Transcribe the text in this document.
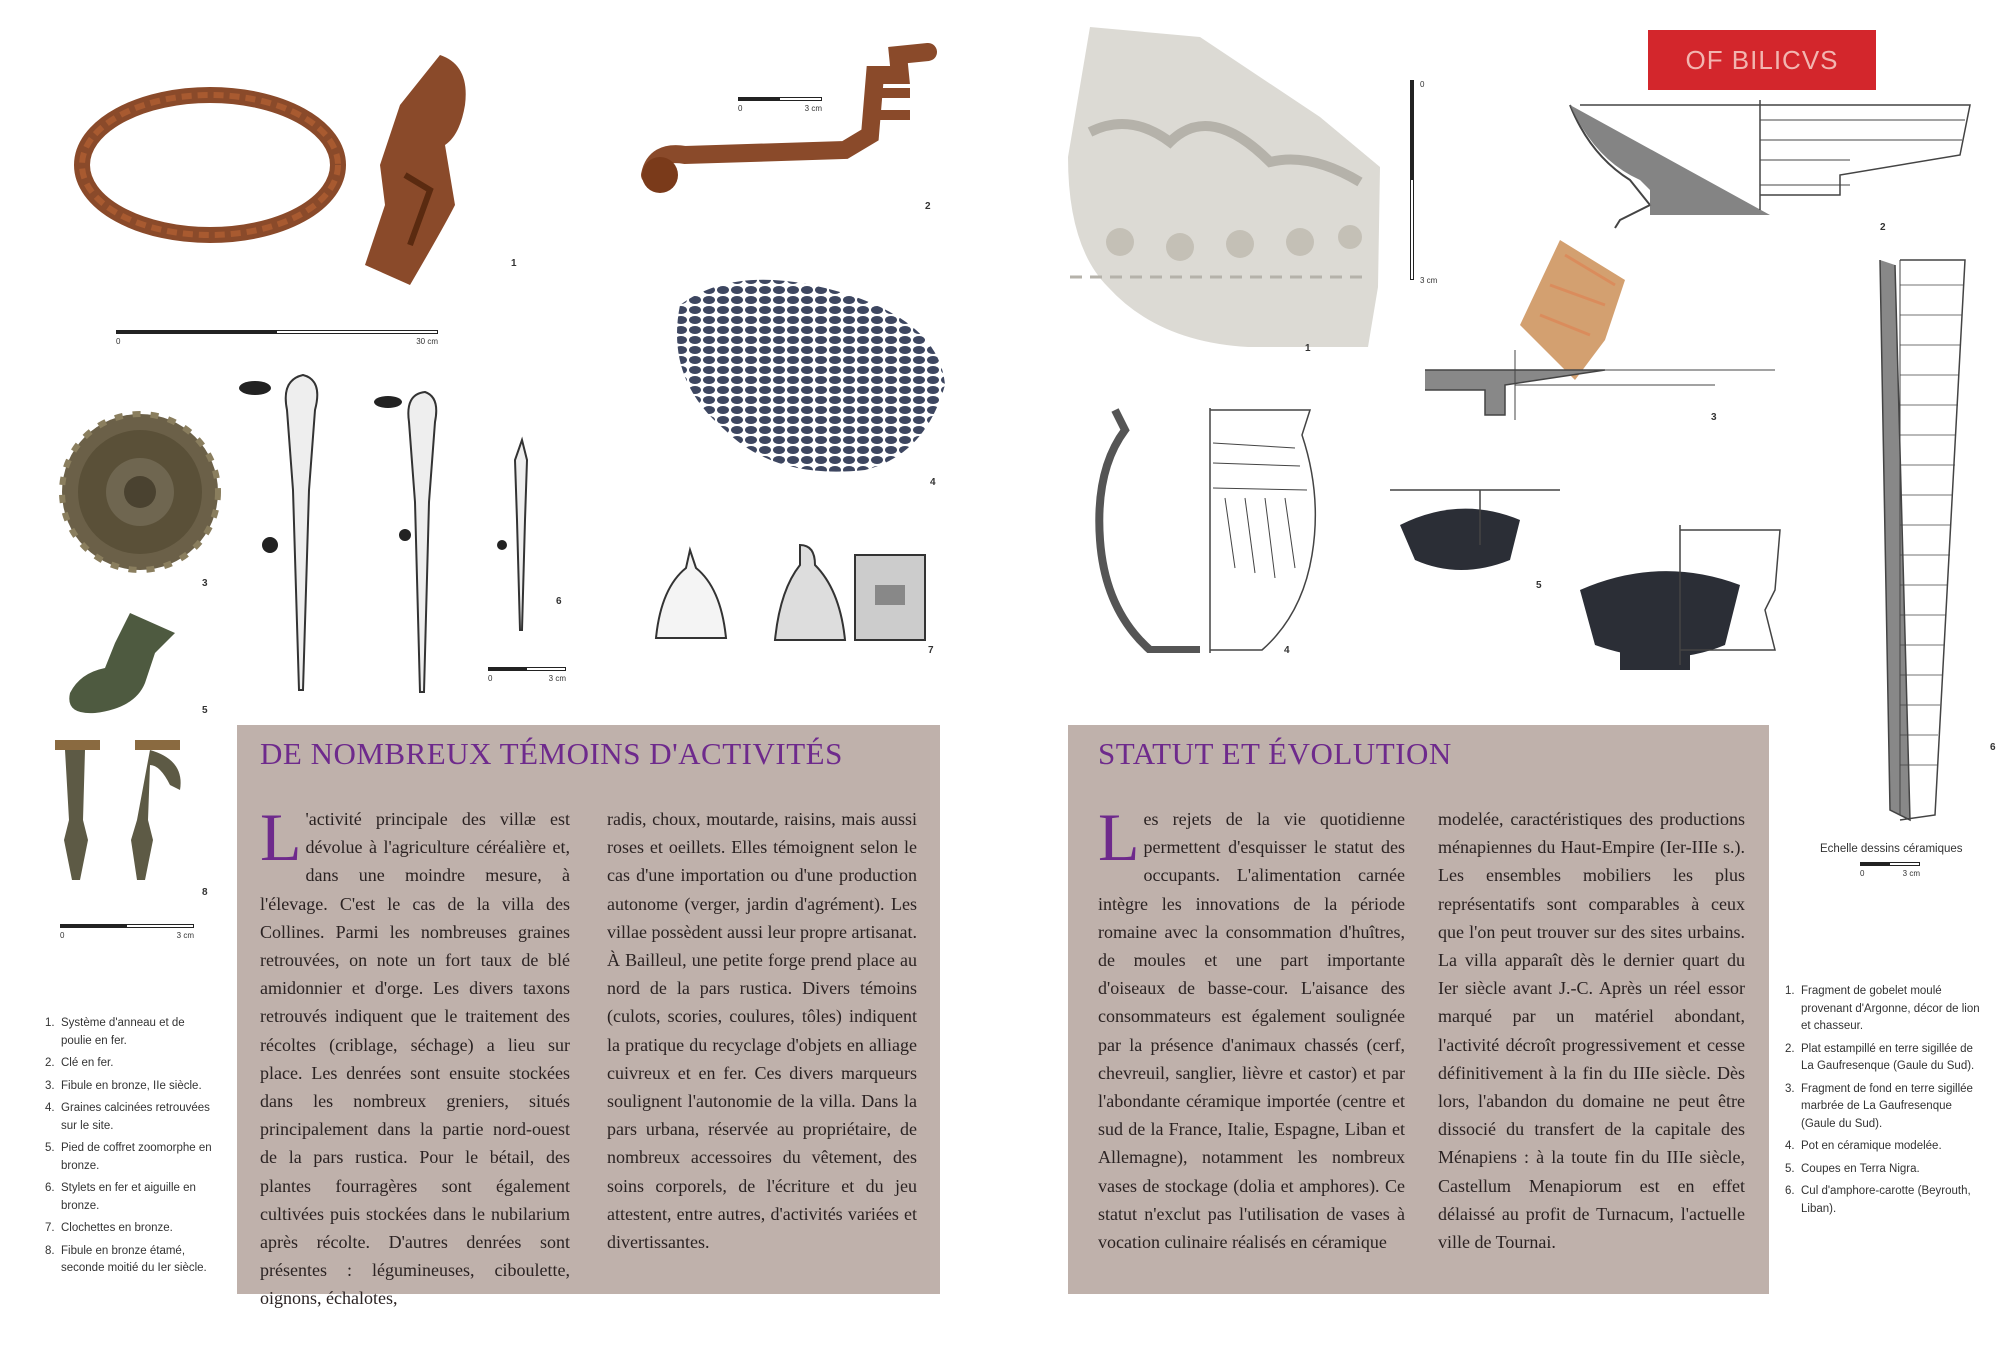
1
0	30 cm
0	3 cm
2
4
3
6
0	3 cm
7
5
8
0	3 cm
1. Système d'anneau et de poulie en fer.
2. Clé en fer.
3. Fibule en bronze, IIe siècle.
4. Graines calcinées retrouvées sur le site.
5. Pied de coffret zoomorphe en bronze.
6. Stylets en fer et aiguille en bronze.
7. Clochettes en bronze.
8. Fibule en bronze étamé, seconde moitié du Ier siècle.
DE NOMBREUX TÉMOINS D'ACTIVITÉS
L 'activité principale des villæ est dévolue à l'agriculture céréalière et, dans une moindre mesure, à l'élevage. C'est le cas de la villa des Collines. Parmi les nombreuses graines retrouvées, on note un fort taux de blé amidonnier et d'orge. Les divers taxons retrouvés indiquent que le traitement des récoltes (criblage, séchage) a lieu sur place. Les denrées sont ensuite stockées dans les nombreux greniers, situés principalement dans la partie nord-ouest de la pars rustica. Pour le bétail, des plantes fourragères sont également cultivées puis stockées dans le nubilarium après récolte. D'autres denrées sont présentes : légumineuses, ciboulette, oignons, échalotes,
radis, choux, moutarde, raisins, mais aussi roses et oeillets. Elles témoignent selon le cas d'une importation ou d'une production autonome (verger, jardin d'agrément). Les villae possèdent aussi leur propre artisanat. À Bailleul, une petite forge prend place au nord de la pars rustica. Divers témoins (culots, scories, coulures, tôles) indiquent la pratique du recyclage d'objets en alliage cuivreux et en fer. Ces divers marqueurs soulignent l'autonomie de la villa. Dans la pars urbana, réservée au propriétaire, de nombreux accessoires du vêtement, des soins corporels, de l'écriture et du jeu attestent, entre autres, d'activités variées et divertissantes.
1
0
3 cm
OF BILICVS
2
3
4
5
6
Echelle dessins céramiques
0	3 cm
1. Fragment de gobelet moulé provenant d'Argonne, décor de lion et chasseur.
2. Plat estampillé en terre sigillée de La Gaufresenque (Gaule du Sud).
3. Fragment de fond en terre sigillée marbrée de La Gaufresenque (Gaule du Sud).
4. Pot en céramique modelée.
5. Coupes en Terra Nigra.
6. Cul d'amphore-carotte (Beyrouth, Liban).
STATUT ET ÉVOLUTION
Les rejets de la vie quotidienne permettent d'esquisser le statut des occupants. L'alimentation carnée intègre les innovations de la période romaine avec la consommation d'huîtres, de moules et une part importante d'oiseaux de basse-cour. L'aisance des consommateurs est également soulignée par la présence d'animaux chassés (cerf, chevreuil, sanglier, lièvre et castor) et par l'abondante céramique importée (centre et sud de la France, Italie, Espagne, Liban et Allemagne), notamment les nombreux vases de stockage (dolia et amphores). Ce statut n'exclut pas l'utilisation de vases à vocation culinaire réalisés en céramique
modelée, caractéristiques des productions ménapiennes du Haut-Empire (Ier-IIIe s.). Les ensembles mobiliers les plus représentatifs sont comparables à ceux que l'on peut trouver sur des sites urbains. La villa apparaît dès le dernier quart du Ier siècle avant J.-C. Après un réel essor marqué par un matériel abondant, l'activité décroît progressivement et cesse définitivement à la fin du IIIe siècle. Dès lors, l'abandon du domaine ne peut être dissocié du transfert de la capitale des Ménapiens : à la toute fin du IIIe siècle, Castellum Menapiorum est en effet délaissé au profit de Turnacum, l'actuelle ville de Tournai.
